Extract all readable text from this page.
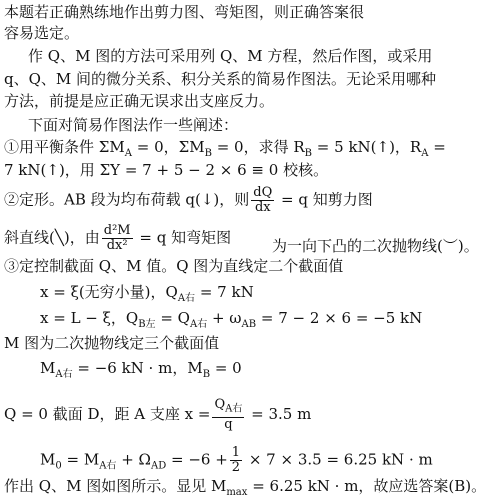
本题若正确熟练地作出剪力图、弯矩图，则正确答案很
容易选定。
作 Q、M 图的方法可采用列 Q、M 方程，然后作图，或采用
q、Q、M 间的微分关系、积分关系的简易作图法。无论采用哪种
方法，前提是应正确无误求出支座反力。
下面对简易作图法作一些阐述：
①用平衡条件 $\Sigma M_A = 0$，$\Sigma M_B = 0$，求得 $R_B = 5$ kN(↑)，$R_A$ =
7 kN(↑)，用 ΣY = 7 + 5 − 2 × 6 ≡ 0 校核。
②定形。AB 段为均布荷载 q(↓)，则 $\frac{dQ}{dx} = q$ 知剪力图
斜直线(╲)，由 $\frac{\text{d²M}}{\text{dx²}} = q$ 知弯矩图	为一向下凸的二次抛物线(︶)。
③定控制截面 Q、M 值。Q 图为直线定二个截面值
x = ξ(无穷小量)，$Q_{A右} = 7$ kN
x = L − ξ，$Q_{B左} = Q_{A右} + \omega_{AB} = 7 - 2 \times 6 = -5$ kN
M 图为二次抛物线定三个截面值
$M_{A右} = -6$ kN · m，$M_B = 0$
Q = 0 截面 D，距 A 支座 $x = \frac{Q_{A右}}{q} = 3.5$ m
$M_0 = M_{A右} + \Omega_{AD} = -6 + \frac{1}{2} \times 7 \times 3.5 = 6.25$ kN · m
作出 Q、M 图如图所示。显见 $M_{max} = 6.25$ kN · m，故应选答案(B)。
